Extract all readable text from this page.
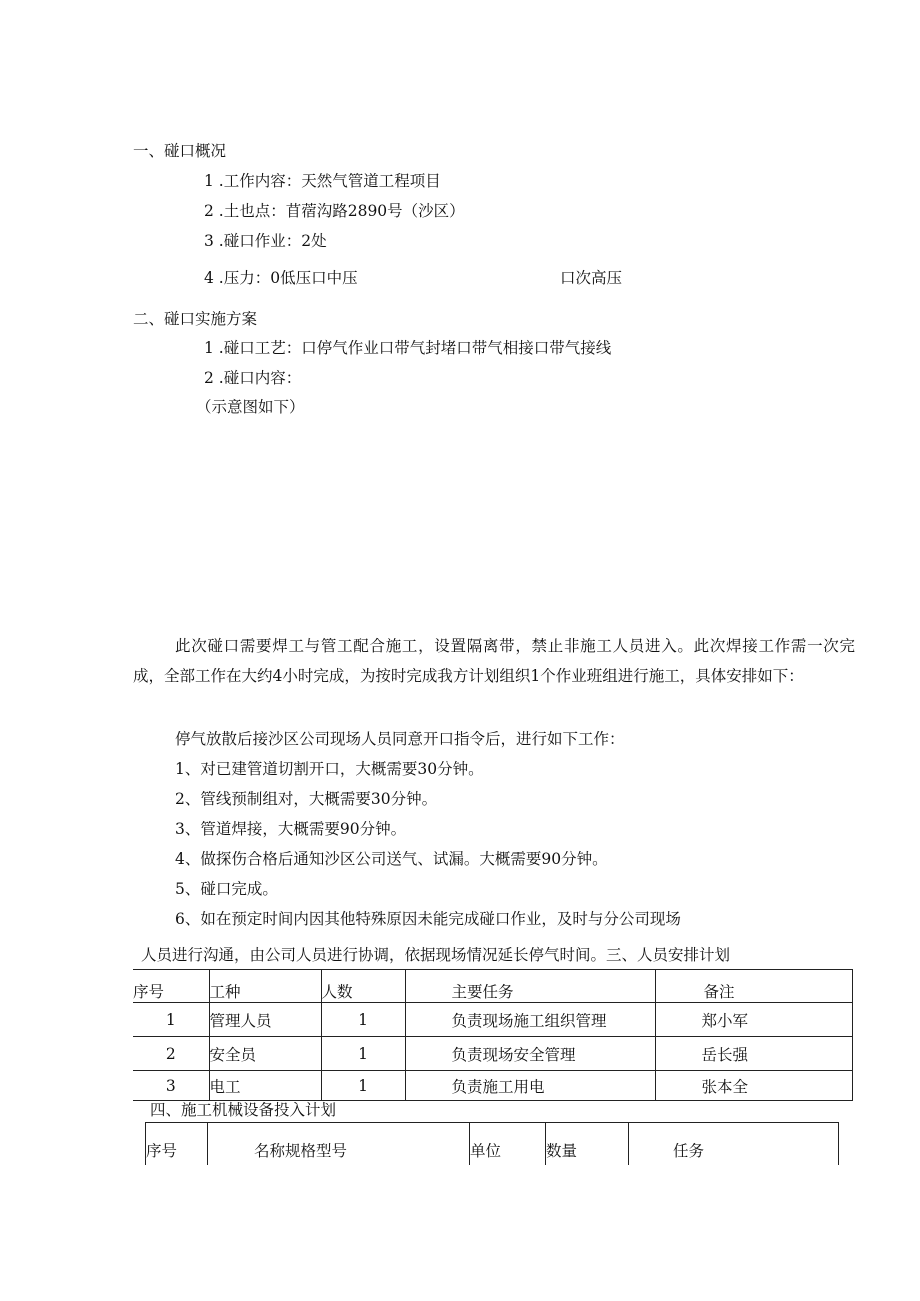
一、碰口概况
1 .工作内容：天然气管道工程项目
2 .土也点：苜蓿沟路2890号（沙区）
3 .碰口作业：2处
4 .压力：0低压口中压	口次高压
二、碰口实施方案
1 .碰口工艺：口停气作业口带气封堵口带气相接口带气接线
2 .碰口内容：
（示意图如下）
此次碰口需要焊工与管工配合施工，设置隔离带，禁止非施工人员进入。此次焊接工作需一次完成，全部工作在大约4小时完成，为按时完成我方计划组织1个作业班组进行施工，具体安排如下：
停气放散后接沙区公司现场人员同意开口指令后，进行如下工作：
1、对已建管道切割开口，大概需要30分钟。
2、管线预制组对，大概需要30分钟。
3、管道焊接，大概需要90分钟。
4、做探伤合格后通知沙区公司送气、试漏。大概需要90分钟。
5、碰口完成。
6、如在预定时间内因其他特殊原因未能完成碰口作业，及时与分公司现场
人员进行沟通，由公司人员进行协调，依据现场情况延长停气时间。三、人员安排计划
序号	工种	人数	主要任务	备注
1	管理人员	1	负责现场施工组织管理	郑小军
2	安全员	1	负责现场安全管理	岳长强
3	电工	1	负责施工用电	张本全
四、施工机械设备投入计划
序号	名称规格型号	单位	数量	任务
